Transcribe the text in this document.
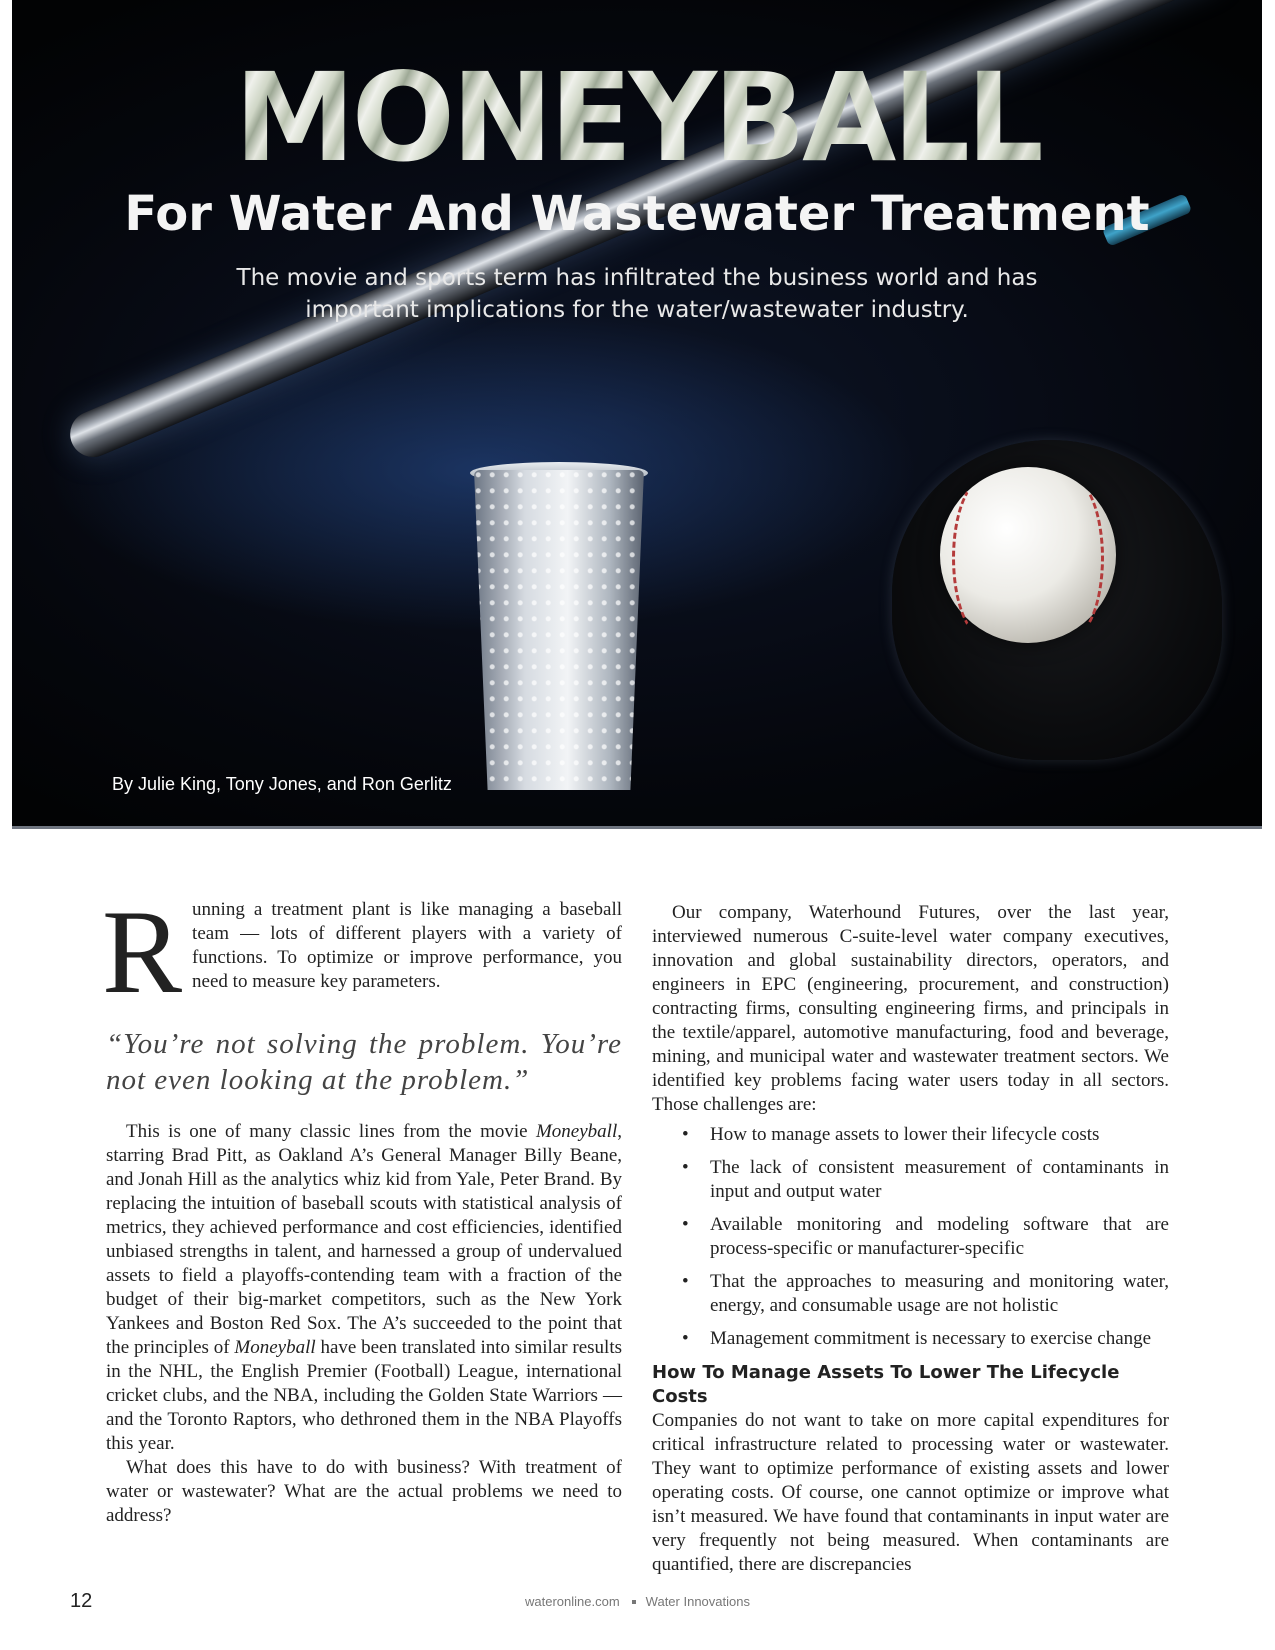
MONEYBALL
For Water And Wastewater Treatment

The movie and sports term has infiltrated the business world and has
important implications for the water/wastewater industry.

By Julie King, Tony Jones, and Ron Gerlitz

R unning a treatment plant is like managing a baseball team — lots of different players with a variety of functions. To optimize or improve performance, you need to measure key parameters.

“You’re not solving the problem. You’re not even looking at the problem.”

This is one of many classic lines from the movie Moneyball, starring Brad Pitt, as Oakland A’s General Manager Billy Beane, and Jonah Hill as the analytics whiz kid from Yale, Peter Brand. By replacing the intuition of baseball scouts with statistical analysis of metrics, they achieved performance and cost efficiencies, identified unbiased strengths in talent, and harnessed a group of undervalued assets to field a playoffs-contending team with a fraction of the budget of their big-market competitors, such as the New York Yankees and Boston Red Sox. The A’s succeeded to the point that the principles of Moneyball have been translated into similar results in the NHL, the English Premier (Football) League, international cricket clubs, and the NBA, including the Golden State Warriors — and the Toronto Raptors, who dethroned them in the NBA Playoffs this year.

What does this have to do with business? With treatment of water or wastewater? What are the actual problems we need to address?

Our company, Waterhound Futures, over the last year, interviewed numerous C-suite-level water company executives, innovation and global sustainability directors, operators, and engineers in EPC (engineering, procurement, and construction) contracting firms, consulting engineering firms, and principals in the textile/apparel, automotive manufacturing, food and beverage, mining, and municipal water and wastewater treatment sectors. We identified key problems facing water users today in all sectors. Those challenges are:

• How to manage assets to lower their lifecycle costs
• The lack of consistent measurement of contaminants in input and output water
• Available monitoring and modeling software that are process-specific or manufacturer-specific
• That the approaches to measuring and monitoring water, energy, and consumable usage are not holistic
• Management commitment is necessary to exercise change
How To Manage Assets To Lower The Lifecycle Costs

Companies do not want to take on more capital expenditures for critical infrastructure related to processing water or wastewater. They want to optimize performance of existing assets and lower operating costs. Of course, one cannot optimize or improve what isn’t measured. We have found that contaminants in input water are very frequently not being measured. When contaminants are quantified, there are discrepancies

12	wateronline.com Water Innovations
